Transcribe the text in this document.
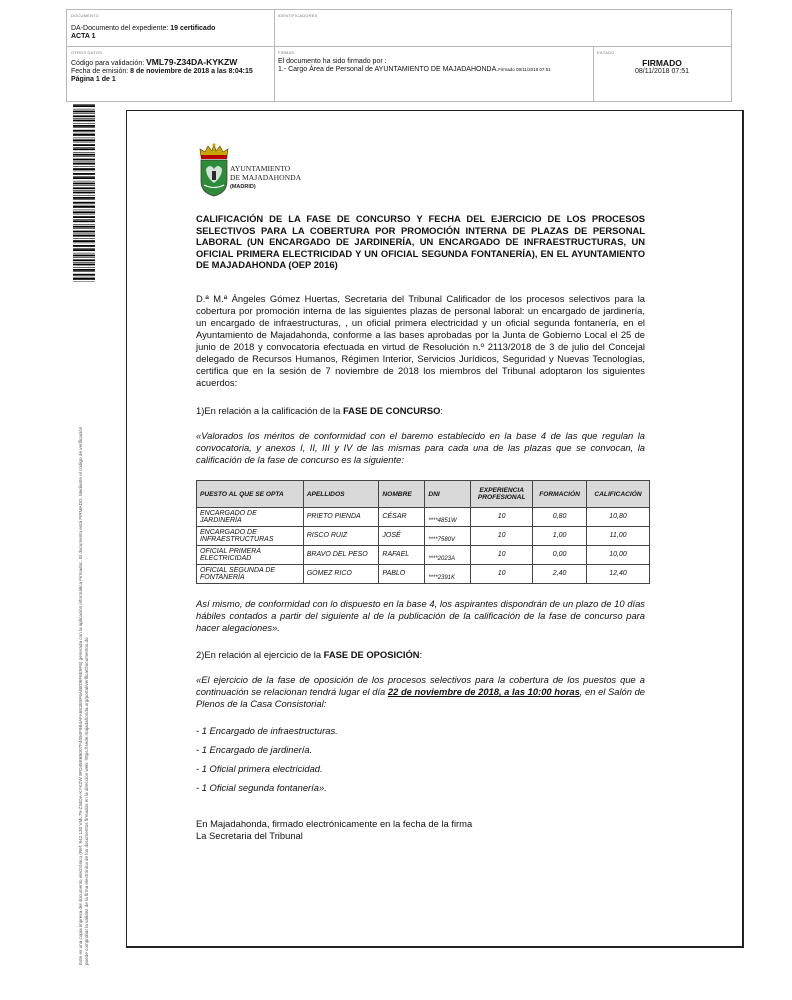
DOCUMENTO
DA-Documento del expediente: 19 certificado
ACTA 1
IDENTIFICADORES
OTROS DATOS
Código para validación: VML79-Z34DA-KYKZW
Fecha de emisión: 8 de noviembre de 2018 a las 8:04:15
Página 1 de 1
FIRMAS
El documento ha sido firmado por :
1.- Cargo Área de Personal de AYUNTAMIENTO DE MAJADAHONDA.Firmado 08/11/2018 07:51
ESTADO
FIRMADO
08/11/2018 07:51
Este es una copia impresa del documento electrónico (Ref: 842 130 VML79-Z34DA-KYKZW 9FD48E6B007F4094F9B4AFA6E3E5F6AB8D6F6E9F8) generada con la aplicación informática Firmadoc. El documento está FIRMADO. Mediante el código de verificación puede comprobar la validez de la firma electrónica de los documentos firmados en la dirección web: https://sede.majadahonda.org/portal/verificarDocumentos.do
AYUNTAMIENTO
DE MAJADAHONDA
(MADRID)
CALIFICACIÓN DE LA FASE DE CONCURSO Y FECHA DEL EJERCICIO DE LOS PROCESOS SELECTIVOS PARA LA COBERTURA POR PROMOCIÓN INTERNA DE PLAZAS DE PERSONAL LABORAL (UN ENCARGADO DE JARDINERÍA, UN ENCARGADO DE INFRAESTRUCTURAS, UN OFICIAL PRIMERA ELECTRICIDAD Y UN OFICIAL SEGUNDA FONTANERÍA), EN EL AYUNTAMIENTO DE MAJADAHONDA (OEP 2016)
D.ª M.ª Ángeles Gómez Huertas, Secretaria del Tribunal Calificador de los procesos selectivos para la cobertura por promoción interna de las siguientes plazas de personal laboral: un encargado de jardinería, un encargado de infraestructuras, , un oficial primera electricidad y un oficial segunda fontanería, en el Ayuntamiento de Majadahonda, conforme a las bases aprobadas por la Junta de Gobierno Local el 25 de junio de 2018 y convocatoria efectuada en virtud de Resolución n.º 2113/2018 de 3 de julio del Concejal delegado de Recursos Humanos, Régimen Interior, Servicios Jurídicos, Seguridad y Nuevas Tecnologías, certifica que en la sesión de 7 noviembre de 2018 los miembros del Tribunal adoptaron los siguientes acuerdos:
1)En relación a la calificación de la FASE DE CONCURSO:
«Valorados los méritos de conformidad con el baremo establecido en la base 4 de las que regulan la convocatoria, y anexos I, II, III y IV de las mismas para cada una de las plazas que se convocan, la calificación de la fase de concurso es la siguiente:
PUESTO AL QUE SE OPTA	APELLIDOS	NOMBRE	DNI	EXPERIENCIA PROFESIONAL	FORMACIÓN	CALIFICACIÓN
ENCARGADO DE JARDINERÍA	PRIETO PIENDA	CÉSAR	****4851W	10	0,80	10,80
ENCARGADO DE INFRAESTRUCTURAS	RISCO RUIZ	JOSÉ	****7580V	10	1,00	11,00
OFICIAL PRIMERA ELECTRICIDAD	BRAVO DEL PESO	RAFAEL	****2023A	10	0,00	10,00
OFICIAL SEGUNDA DE FONTANERÍA	GÓMEZ RICO	PABLO	****2391K	10	2,40	12,40
Así mismo, de conformidad con lo dispuesto en la base 4, los aspirantes dispondrán de un plazo de 10 días hábiles contados a partir del siguiente al de la publicación de la calificación de la fase de concurso para hacer alegaciones».
2)En relación al ejercicio de la FASE DE OPOSICIÓN:
«El ejercicio de la fase de oposición de los procesos selectivos para la cobertura de los puestos que a continuación se relacionan tendrá lugar el día 22 de noviembre de 2018, a las 10:00 horas, en el Salón de Plenos de la Casa Consistorial:
- 1 Encargado de infraestructuras.
- 1 Encargado de jardinería.
- 1 Oficial primera electricidad.
- 1 Oficial segunda fontanería».
En Majadahonda, firmado electrónicamente en la fecha de la firma
La Secretaria del Tribunal
